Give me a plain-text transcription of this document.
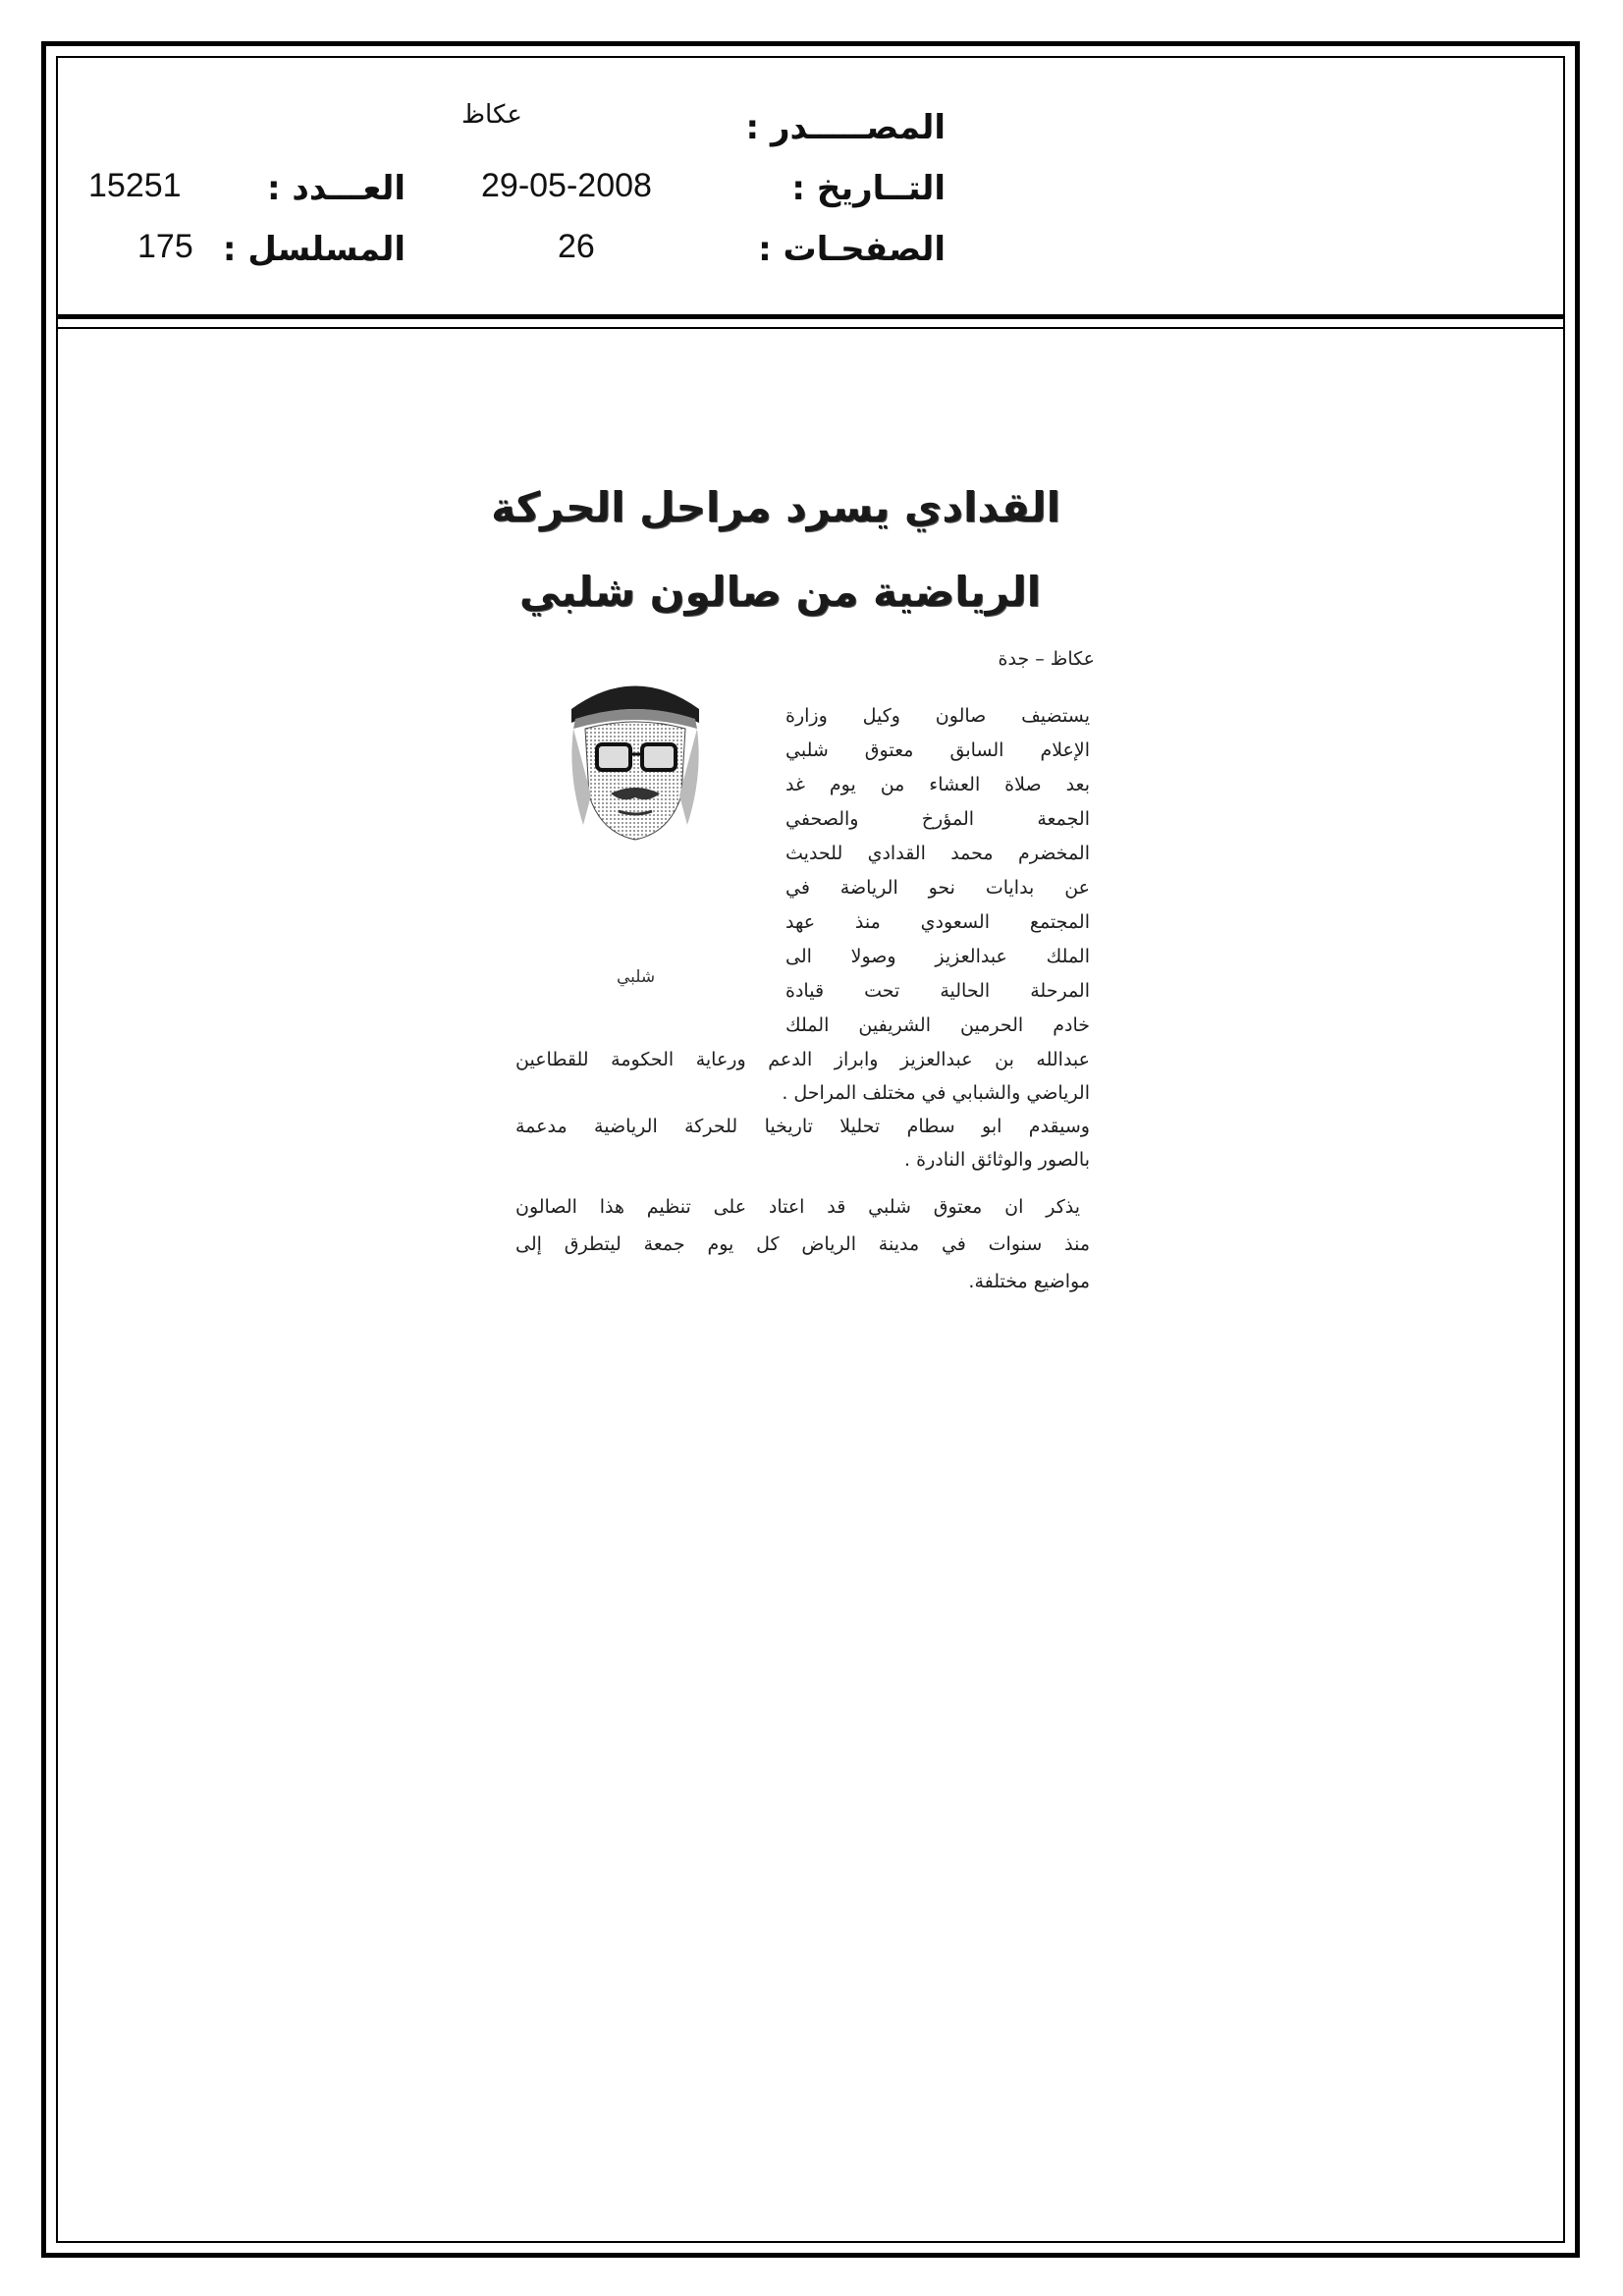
عكاظ	المصـــــدر :
29-05-2008	التــاريخ :
15251	العـــدد :
26	الصفحـات :
175 المسلسل :
القدادي يسرد مراحل الحركة
الرياضية من صالون شلبي
عكاظ – جدة
شلبي
يستضيف صالون وكيل وزارة
الإعلام السابق معتوق شلبي
بعد صلاة العشاء من يوم غد
الجمعة المؤرخ والصحفي
المخضرم محمد القدادي للحديث
عن بدايات نحو الرياضة في
المجتمع السعودي منذ عهد
الملك عبدالعزيز وصولا الى
المرحلة الحالية تحت قيادة
خادم الحرمين الشريفين الملك
عبدالله بن عبدالعزيز وابراز الدعم ورعاية الحكومة للقطاعين
الرياضي والشبابي في مختلف المراحل .
وسيقدم ابو سطام تحليلا تاريخيا للحركة الرياضية مدعمة
بالصور والوثائق النادرة .
يذكر ان معتوق شلبي قد اعتاد على تنظيم هذا الصالون
منذ سنوات في مدينة الرياض كل يوم جمعة ليتطرق إلى
مواضيع مختلفة.
